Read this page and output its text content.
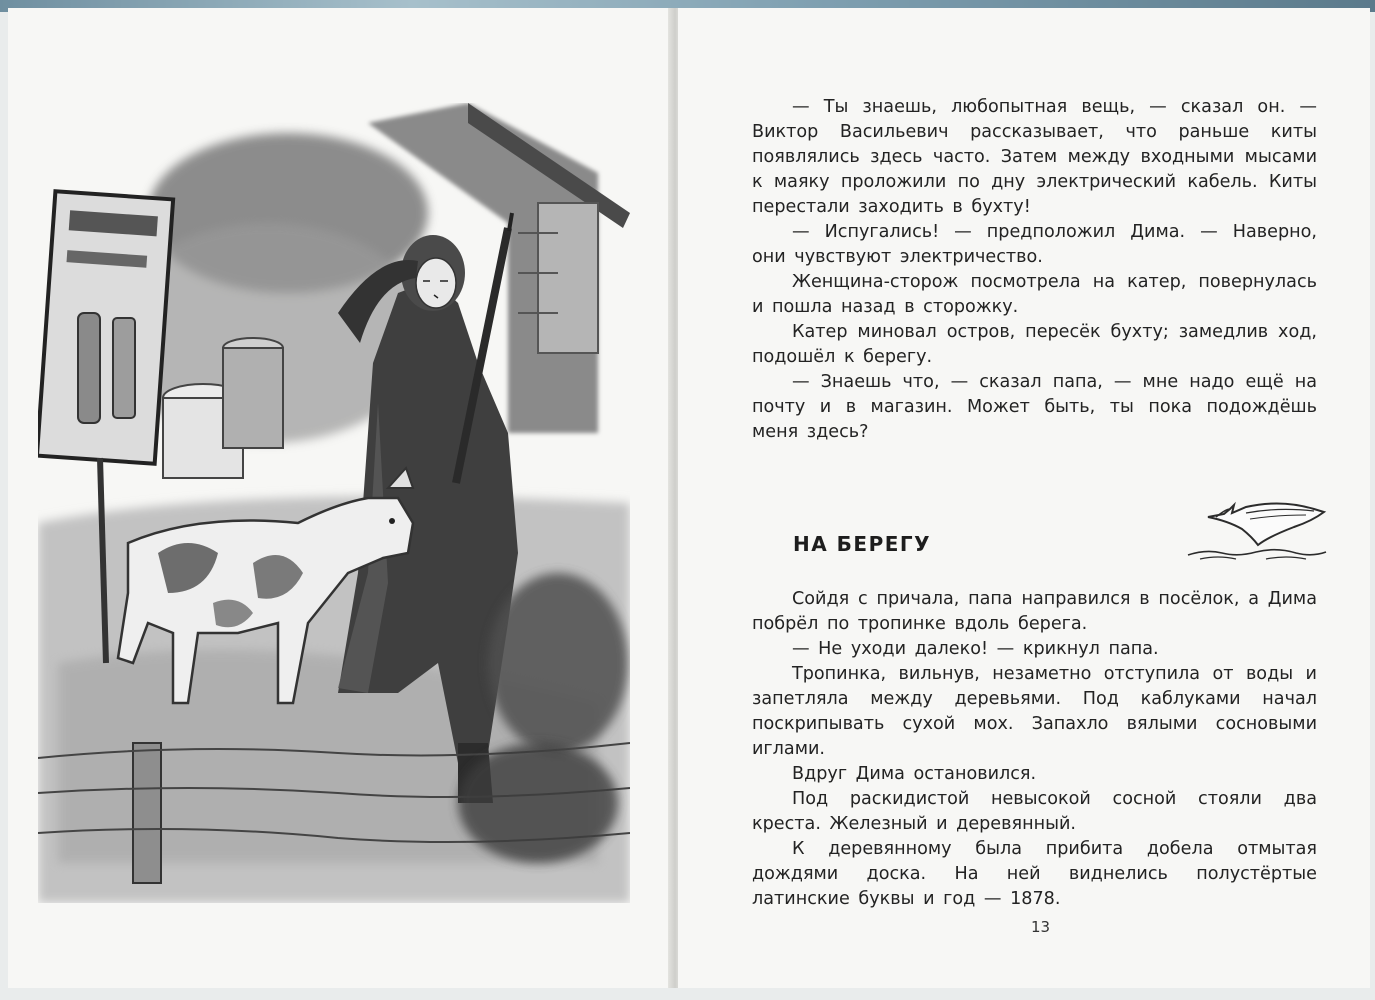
— Ты знаешь, любопытная вещь, — сказал он. — Виктор Васильевич рассказывает, что раньше киты появлялись здесь часто. Затем между входными мысами к маяку проложили по дну электрический кабель. Киты перестали заходить в бухту!

— Испугались! — предположил Дима. — Наверно, они чувствуют электричество.

Женщина-сторож посмотрела на катер, повернулась и пошла назад в сторожку.

Катер миновал остров, пересёк бухту; замедлив ход, подошёл к берегу.

— Знаешь что, — сказал папа, — мне надо ещё на почту и в магазин. Может быть, ты пока подождёшь меня здесь?

НА БЕРЕГУ

Сойдя с причала, папа направился в посёлок, а Дима побрёл по тропинке вдоль берега.

— Не уходи далеко! — крикнул папа.

Тропинка, вильнув, незаметно отступила от воды и запетляла между деревьями. Под каблуками начал поскрипывать сухой мох. Запахло вялыми сосновыми иглами.

Вдруг Дима остановился.

Под раскидистой невысокой сосной стояли два креста. Железный и деревянный.

К деревянному была прибита добела отмытая дождями доска. На ней виднелись полустёртые латинские буквы и год — 1878.

13
